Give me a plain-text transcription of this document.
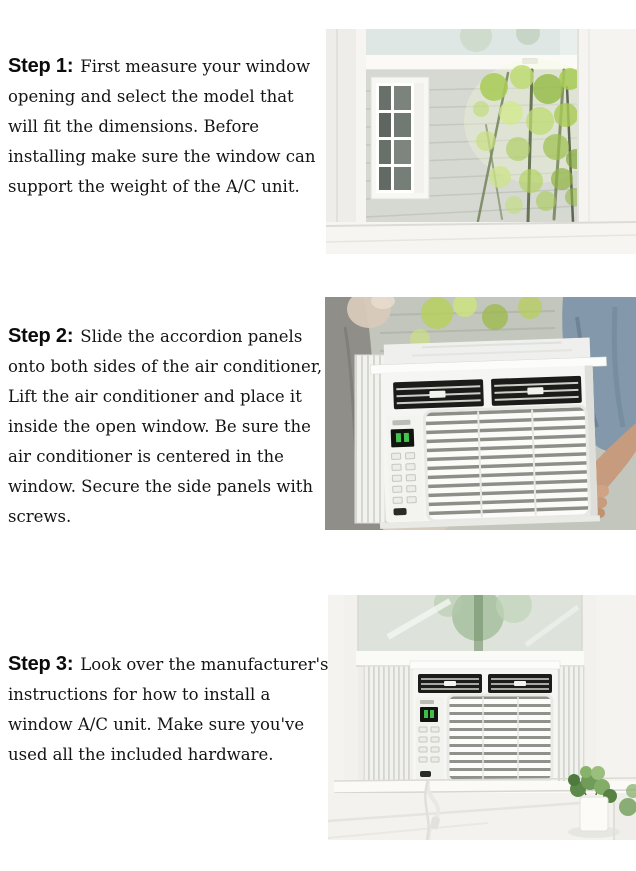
Step 1: First measure your window opening and select the model that will fit the dimensions. Before installing make sure the window can support the weight of the A/C unit.

Step 2: Slide the accordion panels onto both sides of the air conditioner, Lift the air conditioner and place it inside the open window. Be sure the air conditioner is centered in the window. Secure the side panels with screws.

Step 3: Look over the manufacturer's instructions for how to install a window A/C unit. Make sure you've used all the included hardware.
